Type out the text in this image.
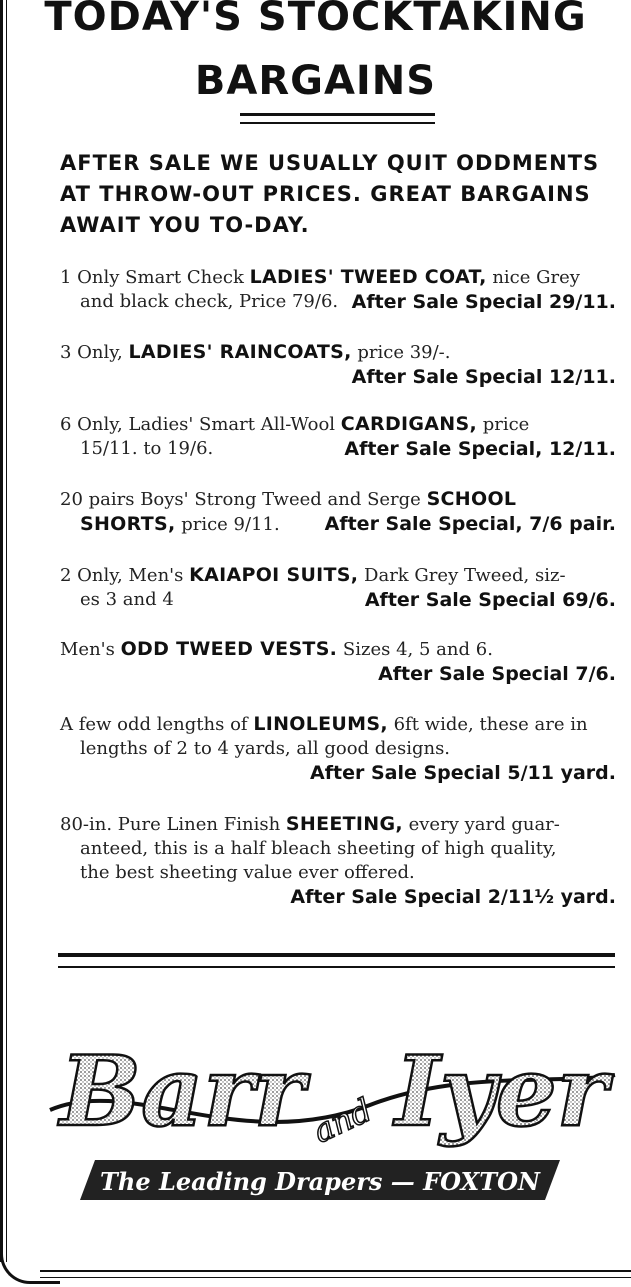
TODAY'S STOCKTAKING
BARGAINS
AFTER SALE WE USUALLY QUIT ODDMENTS AT THROW-OUT PRICES. GREAT BARGAINS AWAIT YOU TO-DAY.
1 Only Smart Check LADIES' TWEED COAT, nice Grey
and black check, Price 79/6. After Sale Special 29/11.
3 Only, LADIES' RAINCOATS, price 39/-.
After Sale Special 12/11.
6 Only, Ladies' Smart All-Wool CARDIGANS, price
15/11. to 19/6.	After Sale Special, 12/11.
20 pairs Boys' Strong Tweed and Serge SCHOOL
SHORTS, price 9/11. After Sale Special, 7/6 pair.
2 Only, Men's KAIAPOI SUITS, Dark Grey Tweed, siz-
es 3 and 4	After Sale Special 69/6.
Men's ODD TWEED VESTS. Sizes 4, 5 and 6.
After Sale Special 7/6.
A few odd lengths of LINOLEUMS, 6ft wide, these are in
lengths of 2 to 4 yards, all good designs.
After Sale Special 5/11 yard.
80-in. Pure Linen Finish SHEETING, every yard guar-
anteed, this is a half bleach sheeting of high quality,
the best sheeting value ever offered.
After Sale Special 2/11½ yard.
Barr and Iyer
The Leading Drapers — FOXTON
